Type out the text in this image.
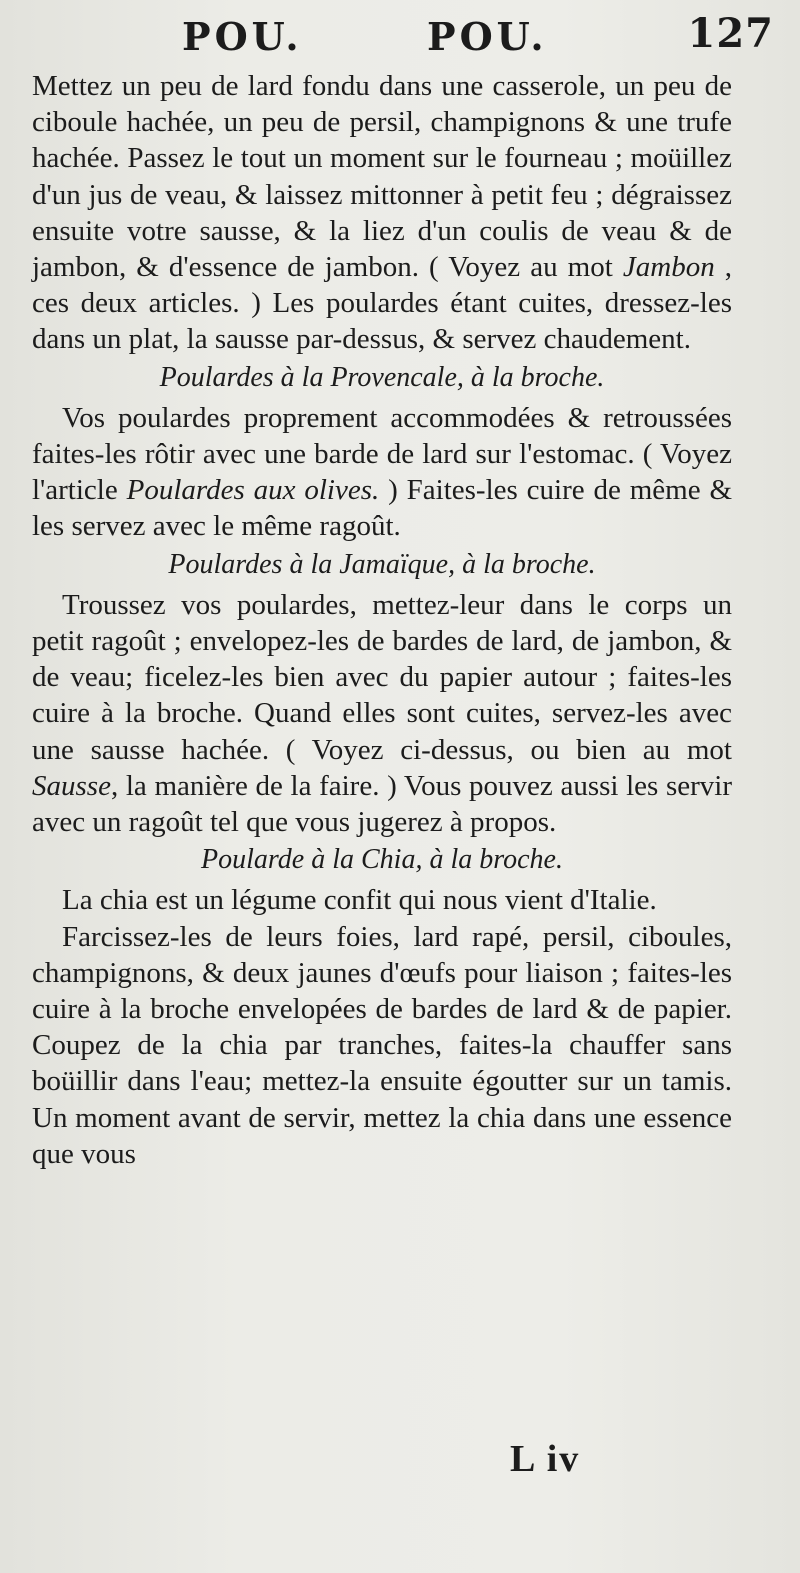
POU.	POU.	127

Mettez un peu de lard fondu dans une casserole, un peu de ciboule hachée, un peu de persil, champignons & une trufe hachée. Passez le tout un moment sur le fourneau ; moüillez d'un jus de veau, & laissez mittonner à petit feu ; dégraissez ensuite votre sausse, & la liez d'un coulis de veau & de jambon, & d'essence de jambon. ( Voyez au mot Jambon , ces deux articles. ) Les poulardes étant cuites, dressez-les dans un plat, la sausse par-dessus, & servez chaudement.

Poulardes à la Provencale, à la broche.

Vos poulardes proprement accommodées & retroussées faites-les rôtir avec une barde de lard sur l'estomac. ( Voyez l'article Poulardes aux olives. ) Faites-les cuire de même & les servez avec le même ragoût.

Poulardes à la Jamaïque, à la broche.

Troussez vos poulardes, mettez-leur dans le corps un petit ragoût ; envelopez-les de bardes de lard, de jambon, & de veau; ficelez-les bien avec du papier autour ; faites-les cuire à la broche. Quand elles sont cuites, servez-les avec une sausse hachée. ( Voyez ci-dessus, ou bien au mot Sausse, la manière de la faire. ) Vous pouvez aussi les servir avec un ragoût tel que vous jugerez à propos.

Poularde à la Chia, à la broche.

La chia est un légume confit qui nous vient d'Italie.

Farcissez-les de leurs foies, lard rapé, persil, ciboules, champignons, & deux jaunes d'œufs pour liaison ; faites-les cuire à la broche envelopées de bardes de lard & de papier. Coupez de la chia par tranches, faites-la chauffer sans boüillir dans l'eau; mettez-la ensuite égoutter sur un tamis. Un moment avant de servir, mettez la chia dans une essence que vous

L iv
